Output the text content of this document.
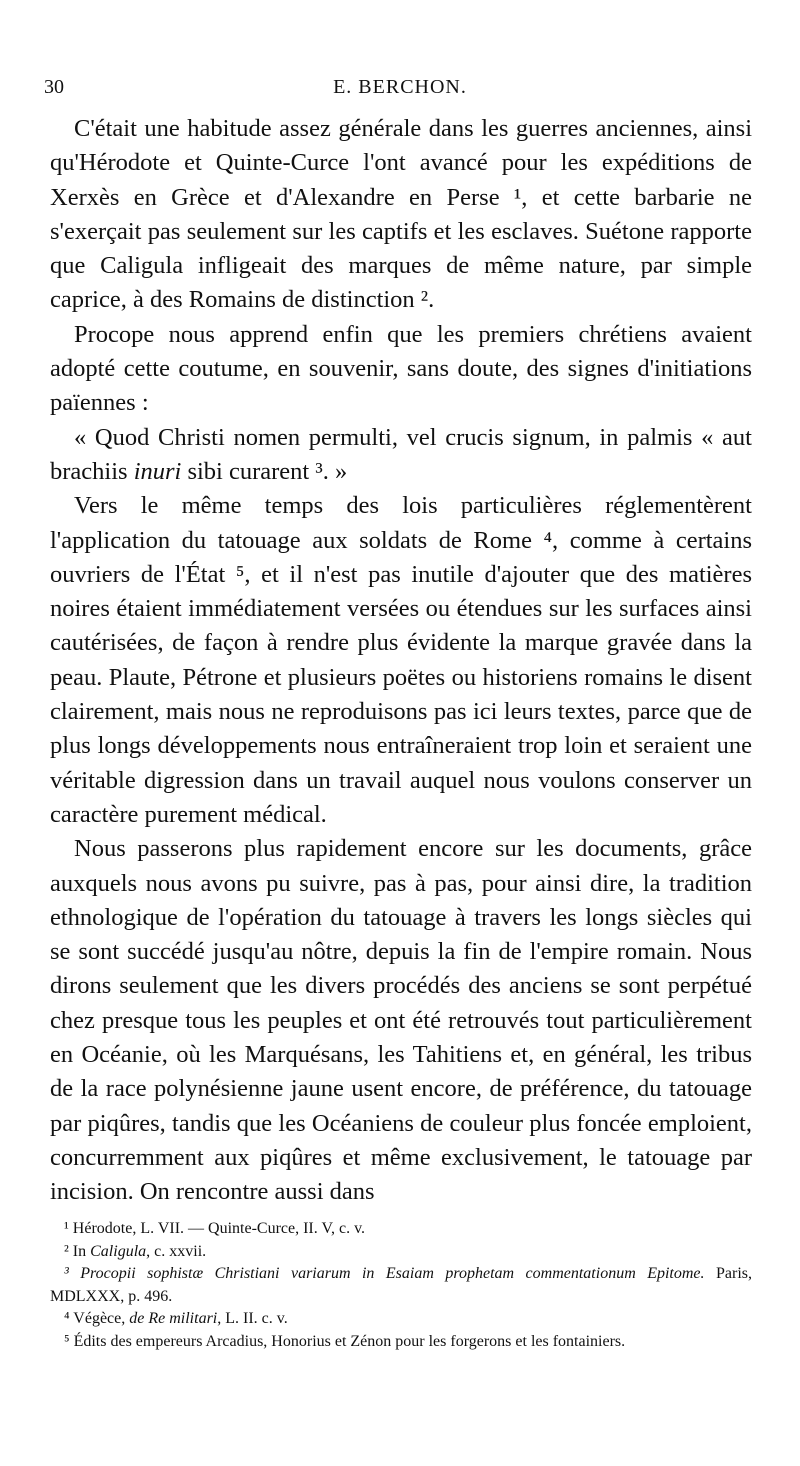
30	E. BERCHON.

C'était une habitude assez générale dans les guerres anciennes, ainsi qu'Hérodote et Quinte-Curce l'ont avancé pour les expéditions de Xerxès en Grèce et d'Alexandre en Perse ¹, et cette barbarie ne s'exerçait pas seulement sur les captifs et les esclaves. Suétone rapporte que Caligula infligeait des marques de même nature, par simple caprice, à des Romains de distinction ².

Procope nous apprend enfin que les premiers chrétiens avaient adopté cette coutume, en souvenir, sans doute, des signes d'initiations païennes :

« Quod Christi nomen permulti, vel crucis signum, in palmis « aut brachiis inuri sibi curarent ³. »

Vers le même temps des lois particulières réglementèrent l'application du tatouage aux soldats de Rome ⁴, comme à certains ouvriers de l'État ⁵, et il n'est pas inutile d'ajouter que des matières noires étaient immédiatement versées ou étendues sur les surfaces ainsi cautérisées, de façon à rendre plus évidente la marque gravée dans la peau. Plaute, Pétrone et plusieurs poëtes ou historiens romains le disent clairement, mais nous ne reproduisons pas ici leurs textes, parce que de plus longs développements nous entraîneraient trop loin et seraient une véritable digression dans un travail auquel nous voulons conserver un caractère purement médical.

Nous passerons plus rapidement encore sur les documents, grâce auxquels nous avons pu suivre, pas à pas, pour ainsi dire, la tradition ethnologique de l'opération du tatouage à travers les longs siècles qui se sont succédé jusqu'au nôtre, depuis la fin de l'empire romain. Nous dirons seulement que les divers procédés des anciens se sont perpétué chez presque tous les peuples et ont été retrouvés tout particulièrement en Océanie, où les Marquésans, les Tahitiens et, en général, les tribus de la race polynésienne jaune usent encore, de préférence, du tatouage par piqûres, tandis que les Océaniens de couleur plus foncée emploient, concurremment aux piqûres et même exclusivement, le tatouage par incision. On rencontre aussi dans

¹ Hérodote, L. VII. — Quinte-Curce, II. V, c. v.

² In Caligula, c. xxvii.

³ Procopii sophistæ Christiani variarum in Esaiam prophetam commentationum Epitome. Paris, MDLXXX, p. 496.

⁴ Végèce, de Re militari, L. II. c. v.

⁵ Édits des empereurs Arcadius, Honorius et Zénon pour les forgerons et les fontainiers.
